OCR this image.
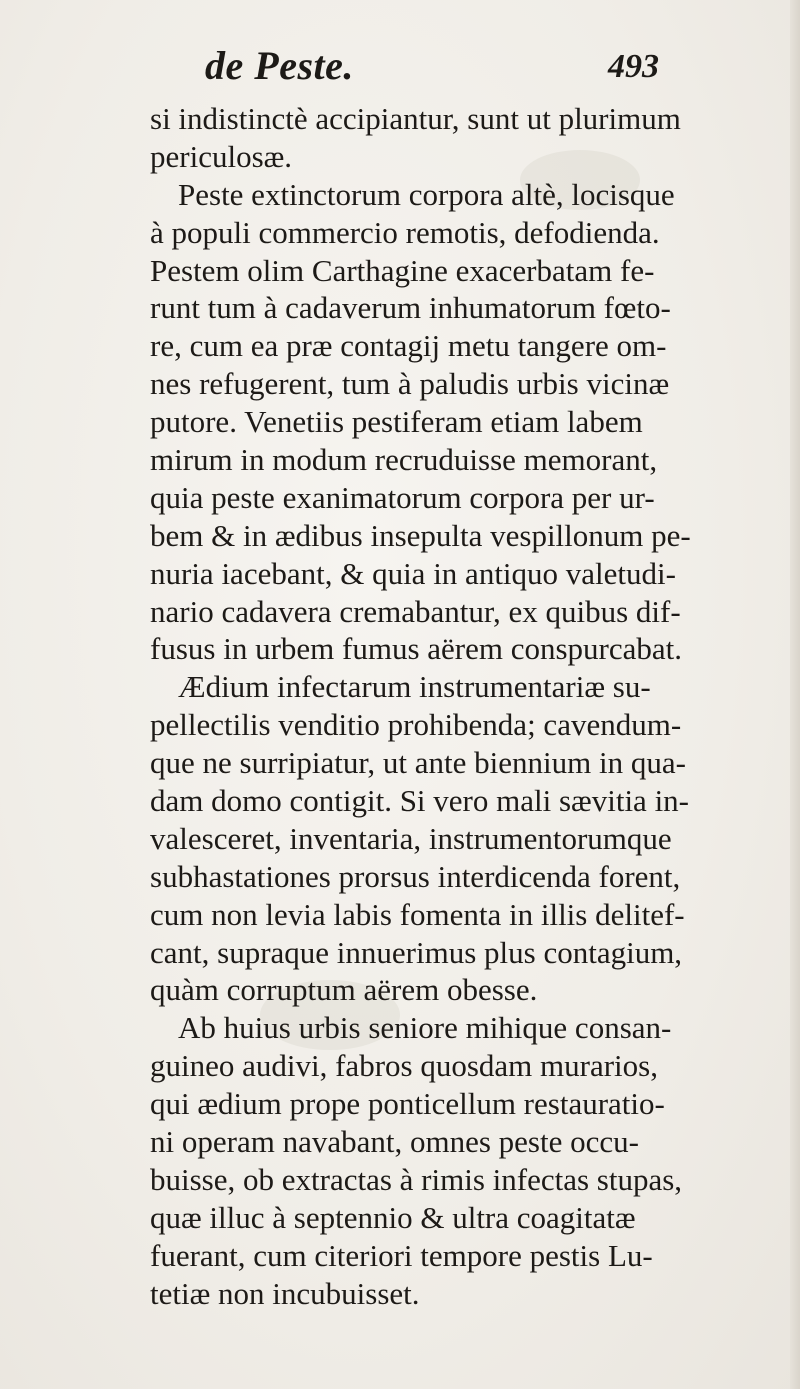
de Peste.	493
si indistinctè accipiantur, sunt ut plurimum
periculosæ.
Peste extinctorum corpora altè, locisque
à populi commercio remotis, defodienda.
Pestem olim Carthagine exacerbatam fe-
runt tum à cadaverum inhumatorum fœto-
re, cum ea præ contagij metu tangere om-
nes refugerent, tum à paludis urbis vicinæ
putore. Venetiis pestiferam etiam labem
mirum in modum recruduisse memorant,
quia peste exanimatorum corpora per ur-
bem & in ædibus insepulta vespillonum pe-
nuria iacebant, & quia in antiquo valetudi-
nario cadavera cremabantur, ex quibus dif-
fusus in urbem fumus aërem conspurcabat.
Ædium infectarum instrumentariæ su-
pellectilis venditio prohibenda; cavendum-
que ne surripiatur, ut ante biennium in qua-
dam domo contigit. Si vero mali sævitia in-
valesceret, inventaria, instrumentorumque
subhastationes prorsus interdicenda forent,
cum non levia labis fomenta in illis delitef-
cant, supraque innuerimus plus contagium,
quàm corruptum aërem obesse.
Ab huius urbis seniore mihique consan-
guineo audivi, fabros quosdam murarios,
qui ædium prope ponticellum restauratio-
ni operam navabant, omnes peste occu-
buisse, ob extractas à rimis infectas stupas,
quæ illuc à septennio & ultra coagitatæ
fuerant, cum citeriori tempore pestis Lu-
tetiæ non incubuisset.
